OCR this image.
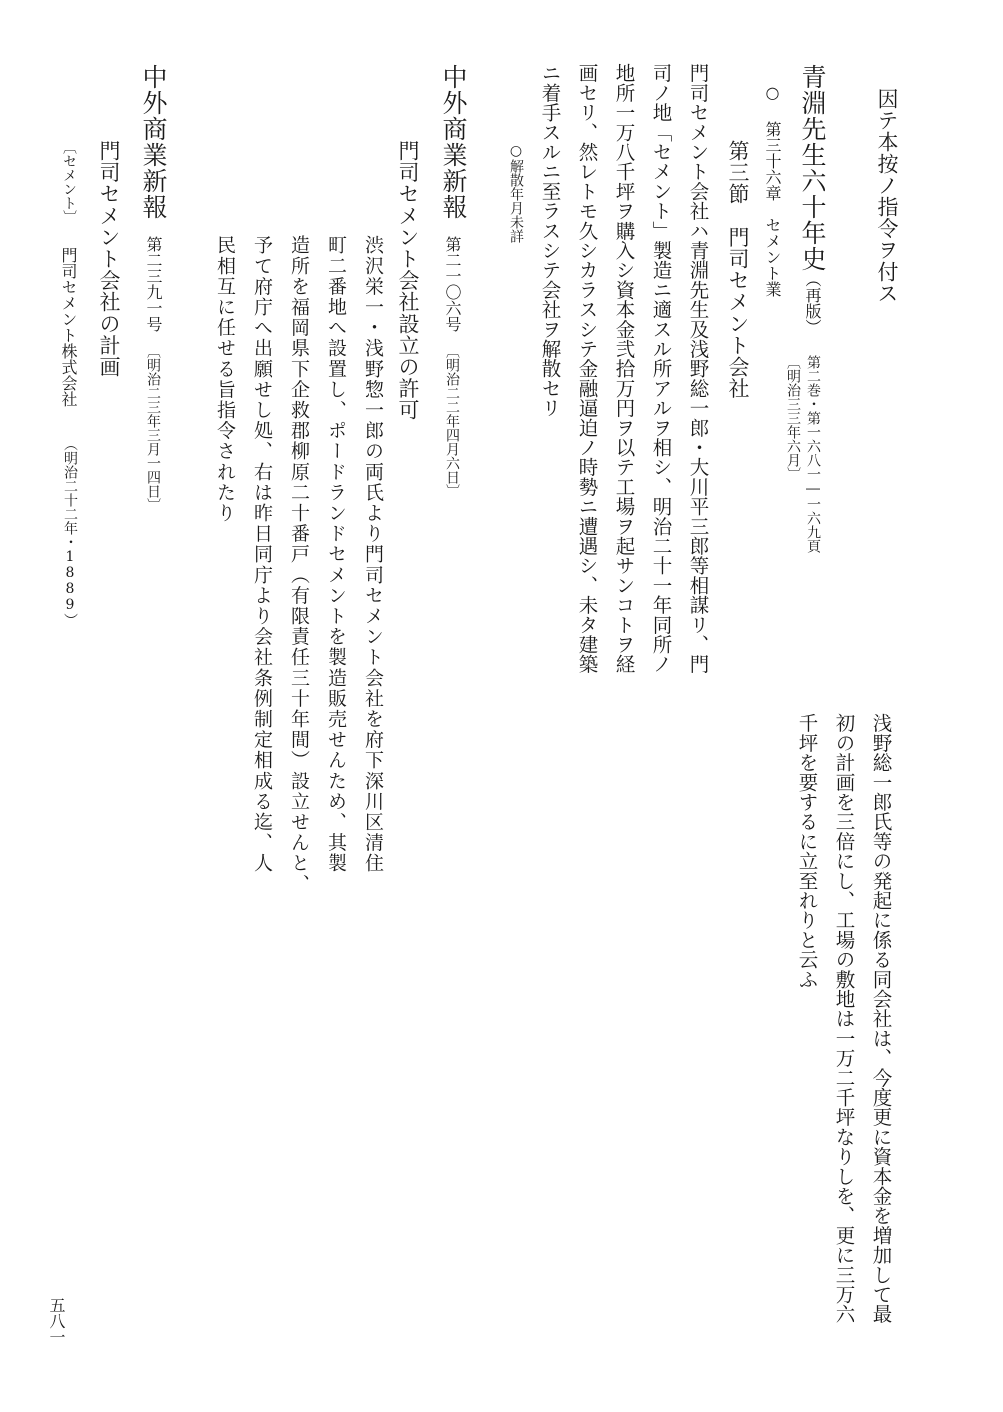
因テ本按ノ指令ヲ付ス
青淵先生六十年史
（再版）
第二巻・第一六八一―一六九頁
〔明治三三年六月〕
○ 第三十六章　セメント業
第三節　門司セメント会社
門司セメント会社ハ青淵先生及浅野総一郎・大川平三郎等相謀リ、門
司ノ地「セメント」製造ニ適スル所アルヲ相シ、明治二十一年同所ノ
地所一万八千坪ヲ購入シ資本金弐拾万円ヲ以テ工場ヲ起サンコトヲ経
画セリ、然レトモ久シカラスシテ金融逼迫ノ時勢ニ遭遇シ、未タ建築
ニ着手スルニ至ラスシテ会社ヲ解散セリ
○解散年月未詳
中外商業新報
第二一〇六号
〔明治二二年四月六日〕
門司セメント会社設立の許可
渋沢栄一・浅野惣一郎の両氏より門司セメント会社を府下深川区清住
町二番地へ設置し、ポードランドセメントを製造販売せんため、其製
造所を福岡県下企救郡柳原二十番戸（有限責任三十年間）設立せんと、
予て府庁へ出願せし処、右は昨日同庁より会社条例制定相成る迄、人
民相互に任せる旨指令されたり
中外商業新報
第二三九一号
〔明治二三年三月一四日〕
門司セメント会社の計画
〔セメント〕
門司セメント株式会社
（明治二十二年・1889）
浅野総一郎氏等の発起に係る同会社は、今度更に資本金を増加して最
初の計画を三倍にし、工場の敷地は一万二千坪なりしを、更に三万六
千坪を要するに立至れりと云ふ
五八一
